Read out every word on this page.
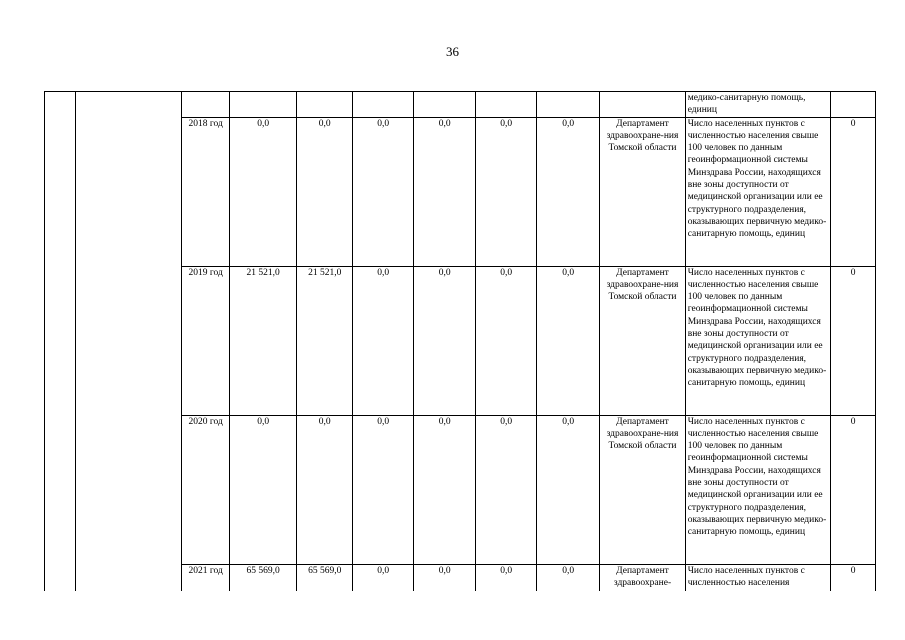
36
										медико-санитарную помощь, единиц	
		2018 год	0,0	0,0	0,0	0,0	0,0	0,0	Департамент здравоохране-ния Томской области	Число населенных пунктов с численностью населения свыше 100 человек по данным геоинформационной системы Минздрава России, находящихся вне зоны доступности от медицинской организации или ее структурного подразделения, оказывающих первичную медико-санитарную помощь, единиц	0
		2019 год	21 521,0	21 521,0	0,0	0,0	0,0	0,0	Департамент здравоохране-ния Томской области	Число населенных пунктов с численностью населения свыше 100 человек по данным геоинформационной системы Минздрава России, находящихся вне зоны доступности от медицинской организации или ее структурного подразделения, оказывающих первичную медико-санитарную помощь, единиц	0
		2020 год	0,0	0,0	0,0	0,0	0,0	0,0	Департамент здравоохране-ния Томской области	Число населенных пунктов с численностью населения свыше 100 человек по данным геоинформационной системы Минздрава России, находящихся вне зоны доступности от медицинской организации или ее структурного подразделения, оказывающих первичную медико-санитарную помощь, единиц	0
		2021 год	65 569,0	65 569,0	0,0	0,0	0,0	0,0	Департамент здравоохране-	Число населенных пунктов с численностью населения	0
